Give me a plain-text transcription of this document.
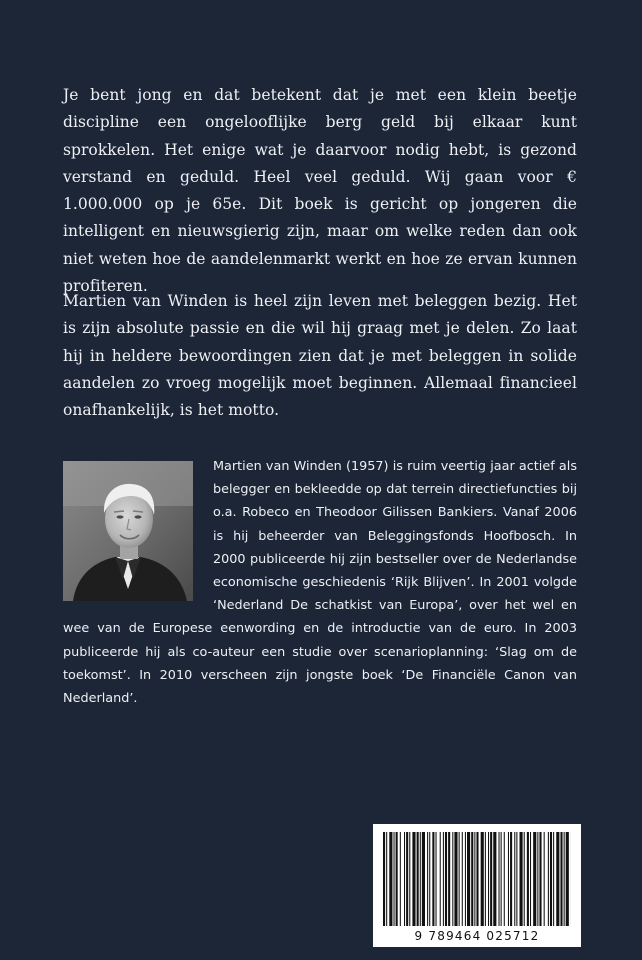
Je bent jong en dat betekent dat je met een klein beetje discipline een ongelooflijke berg geld bij elkaar kunt sprokkelen. Het enige wat je daarvoor nodig hebt, is gezond verstand en geduld. Heel veel geduld. Wij gaan voor € 1.000.000 op je 65e. Dit boek is gericht op jongeren die intelligent en nieuwsgierig zijn, maar om welke reden dan ook niet weten hoe de aandelenmarkt werkt en hoe ze ervan kunnen profiteren.

Martien van Winden is heel zijn leven met beleggen bezig. Het is zijn absolute passie en die wil hij graag met je delen. Zo laat hij in heldere bewoordingen zien dat je met beleggen in solide aandelen zo vroeg mogelijk moet beginnen. Allemaal financieel onafhankelijk, is het motto.

Martien van Winden (1957) is ruim veertig jaar actief als belegger en bekleedde op dat terrein directiefuncties bij o.a. Robeco en Theodoor Gilissen Bankiers. Vanaf 2006 is hij beheerder van Beleggingsfonds Hoofbosch. In 2000 publiceerde hij zijn bestseller over de Nederlandse economische geschiedenis ‘Rijk Blijven’. In 2001 volgde ‘Nederland De schatkist van Europa’, over het wel en wee van de Europese eenwording en de introductie van de euro. In 2003 publiceerde hij als co-auteur een studie over scenarioplanning: ‘Slag om de toekomst’. In 2010 verscheen zijn jongste boek ‘De Financiële Canon van Nederland’.
9 789464 025712
